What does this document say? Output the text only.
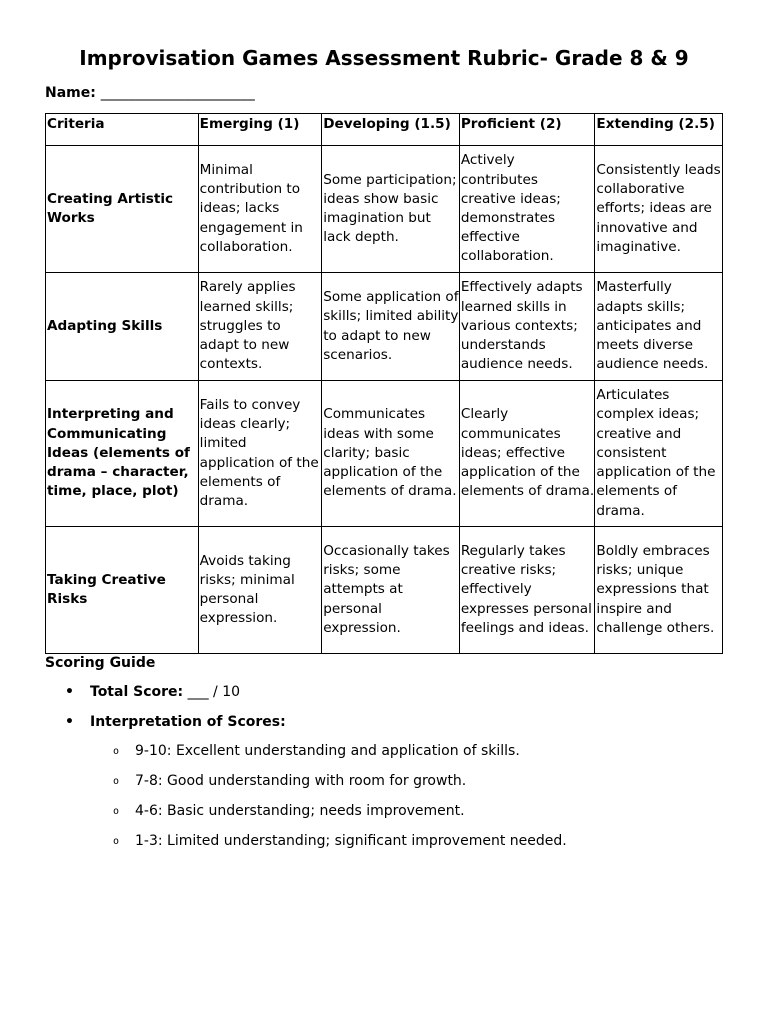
Improvisation Games Assessment Rubric- Grade 8 & 9
Name: ______________________
Criteria	Emerging (1)	Developing (1.5)	Proficient (2)	Extending (2.5)
Creating Artistic Works	Minimal contribution to ideas; lacks engagement in collaboration.	Some participation; ideas show basic imagination but lack depth.	Actively contributes creative ideas; demonstrates effective collaboration.	Consistently leads collaborative efforts; ideas are innovative and imaginative.
Adapting Skills	Rarely applies learned skills; struggles to adapt to new contexts.	Some application of skills; limited ability to adapt to new scenarios.	Effectively adapts learned skills in various contexts; understands audience needs.	Masterfully adapts skills; anticipates and meets diverse audience needs.
Interpreting and Communicating Ideas (elements of drama – character, time, place, plot)	Fails to convey ideas clearly; limited application of the elements of drama.	Communicates ideas with some clarity; basic application of the elements of drama.	Clearly communicates ideas; effective application of the elements of drama.	Articulates complex ideas; creative and consistent application of the elements of drama.
Taking Creative Risks	Avoids taking risks; minimal personal expression.	Occasionally takes risks; some attempts at personal expression.	Regularly takes creative risks; effectively expresses personal feelings and ideas.	Boldly embraces risks; unique expressions that inspire and challenge others.
Scoring Guide
• Total Score: ___ / 10
• Interpretation of Scores:
o 9-10: Excellent understanding and application of skills.
o 7-8: Good understanding with room for growth.
o 4-6: Basic understanding; needs improvement.
o 1-3: Limited understanding; significant improvement needed.
